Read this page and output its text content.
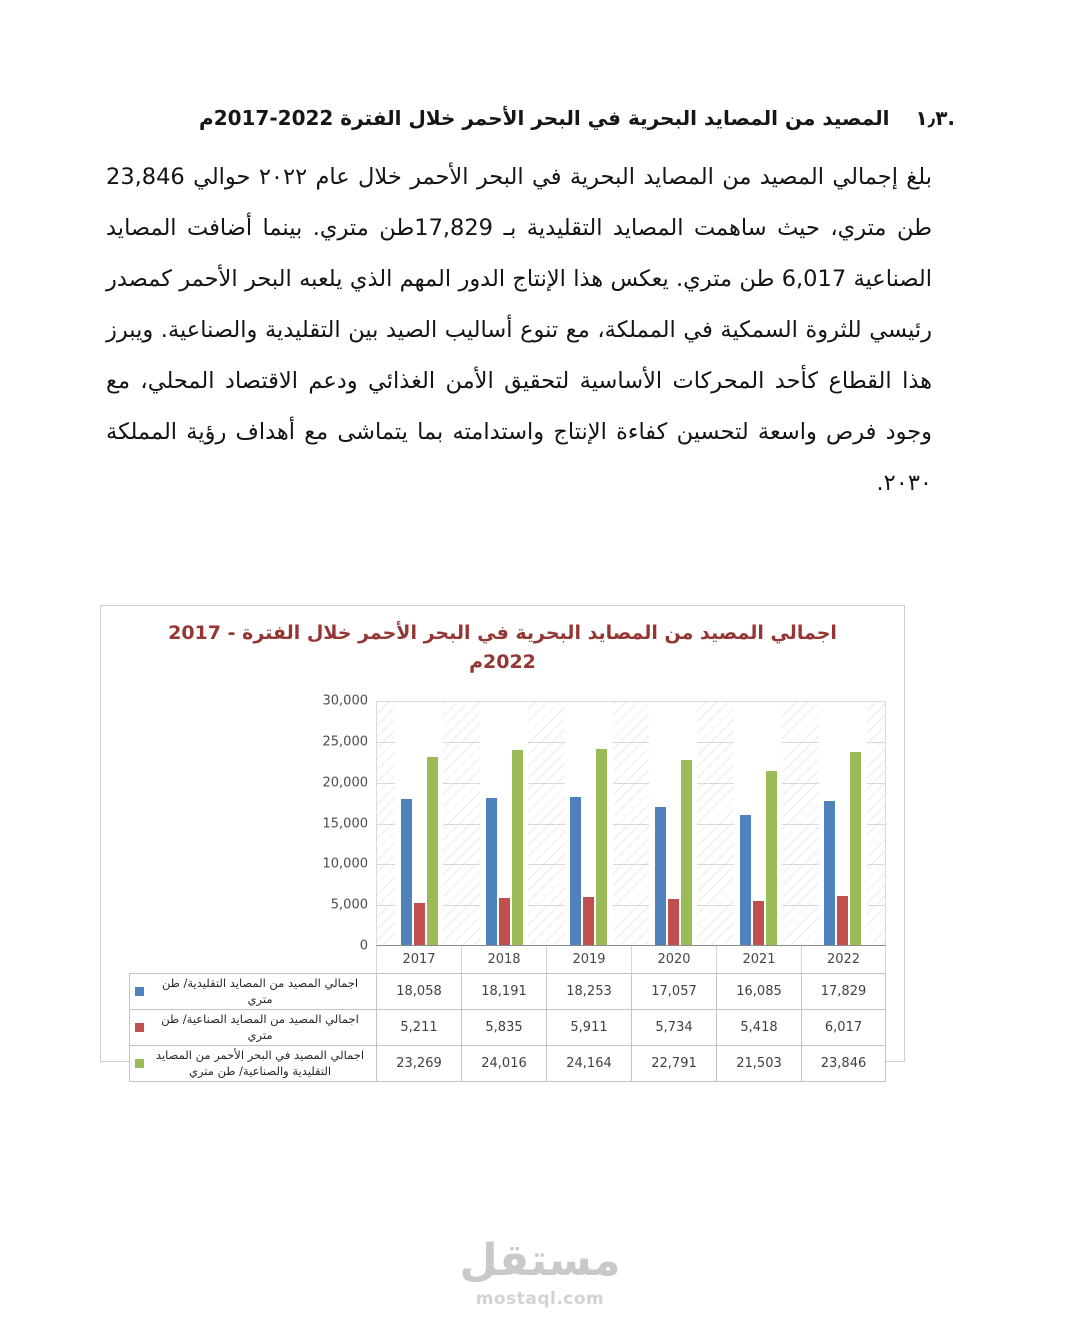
١٫٣.المصيد من المصايد البحرية في البحر الأحمر خلال الفترة 2022-2017م

بلغ إجمالي المصيد من المصايد البحرية في البحر الأحمر خلال عام ٢٠٢٢ حوالي 23,846 طن متري، حيث ساهمت المصايد التقليدية بـ 17,829طن متري. بينما أضافت المصايد الصناعية 6,017 طن متري. يعكس هذا الإنتاج الدور المهم الذي يلعبه البحر الأحمر كمصدر رئيسي للثروة السمكية في المملكة، مع تنوع أساليب الصيد بين التقليدية والصناعية. ويبرز هذا القطاع كأحد المحركات الأساسية لتحقيق الأمن الغذائي ودعم الاقتصاد المحلي، مع وجود فرص واسعة لتحسين كفاءة الإنتاج واستدامته بما يتماشى مع أهداف رؤية المملكة ٢٠٣٠.

اجمالي المصيد من المصايد البحرية في البحر الأحمر خلال الفترة - 2017
2022م
0
5,000
10,000
15,000
20,000
25,000
30,000
2017	2018	2019	2020	2021	2022
اجمالي المصيد من المصايد التقليدية/ طن متري	18,058	18,191	18,253	17,057	16,085	17,829
اجمالي المصيد من المصايد الصناعية/ طن متري	5,211	5,835	5,911	5,734	5,418	6,017
اجمالي المصيد في البحر الأحمر من المصايد التقليدية والصناعية/ طن متري	23,269	24,016	24,164	22,791	21,503	23,846
مستقل
mostaql.com
